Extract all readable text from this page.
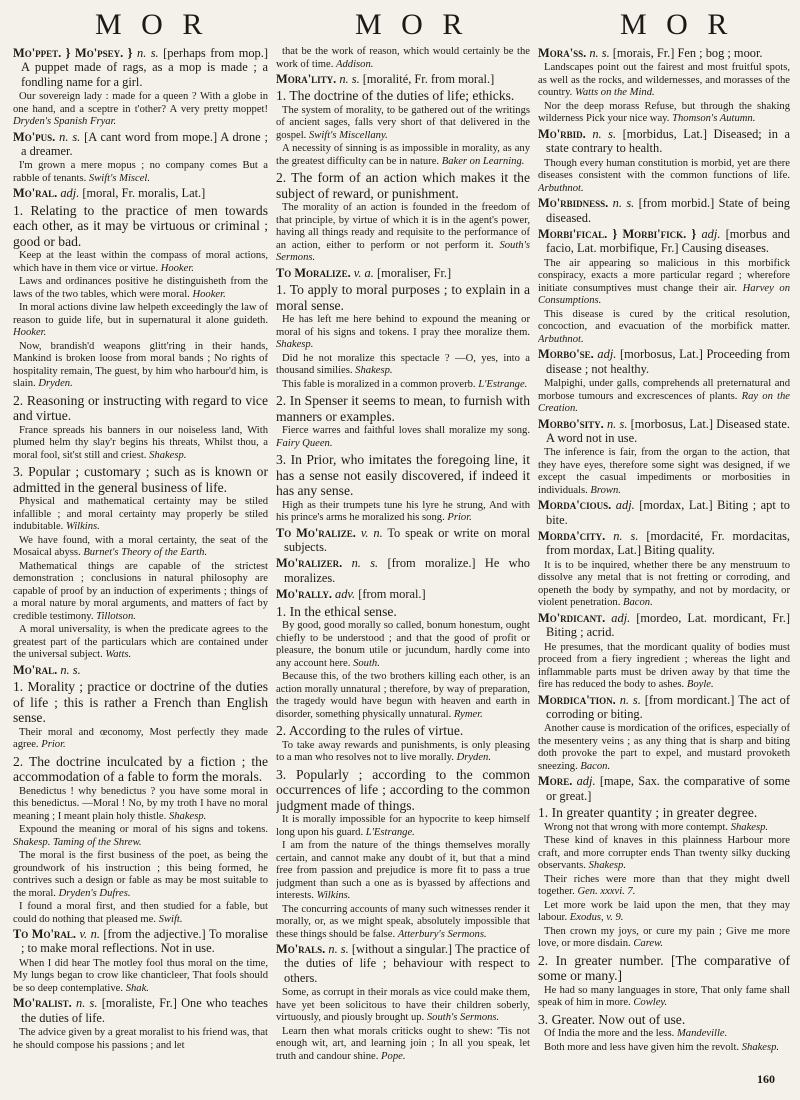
M O R	M O R	M O R

Mo'ppet. } Mo'psey. } n. s. [perhaps from mop.] A puppet made of rags, as a mop is made ; a fondling name for a girl.

Our sovereign lady : made for a queen ? With a globe in one hand, and a sceptre in t'other? A very pretty moppet! Dryden's Spanish Fryar.

Mo'pus. n. s. [A cant word from mope.] A drone ; a dreamer.

I'm grown a mere mopus ; no company comes But a rabble of tenants. Swift's Miscel.

Mo'ral. adj. [moral, Fr. moralis, Lat.]

1. Relating to the practice of men towards each other, as it may be virtuous or criminal ; good or bad.

Keep at the least within the compass of moral actions, which have in them vice or virtue. Hooker.

Laws and ordinances positive he distinguisheth from the laws of the two tables, which were moral. Hooker.

In moral actions divine law helpeth exceedingly the law of reason to guide life, but in supernatural it alone guideth. Hooker.

Now, brandish'd weapons glitt'ring in their hands, Mankind is broken loose from moral bands ; No rights of hospitality remain, The guest, by him who harbour'd him, is slain. Dryden.

2. Reasoning or instructing with regard to vice and virtue.

France spreads his banners in our noiseless land, With plumed helm thy slay'r begins his threats, Whilst thou, a moral fool, sit'st still and criest. Shakesp.

3. Popular ; customary ; such as is known or admitted in the general business of life.

Physical and mathematical certainty may be stiled infallible ; and moral certainty may properly be stiled indubitable. Wilkins.

We have found, with a moral certainty, the seat of the Mosaical abyss. Burnet's Theory of the Earth.

Mathematical things are capable of the strictest demonstration ; conclusions in natural philosophy are capable of proof by an induction of experiments ; things of a moral nature by moral arguments, and matters of fact by credible testimony. Tillotson.

A moral universality, is when the predicate agrees to the greatest part of the particulars which are contained under the universal subject. Watts.

Mo'ral. n. s.

1. Morality ; practice or doctrine of the duties of life ; this is rather a French than English sense.

Their moral and œconomy, Most perfectly they made agree. Prior.

2. The doctrine inculcated by a fiction ; the accommodation of a fable to form the morals.

Benedictus ! why benedictus ? you have some moral in this benedictus. —Moral ! No, by my troth I have no moral meaning ; I meant plain holy thistle. Shakesp.

Expound the meaning or moral of his signs and tokens. Shakesp. Taming of the Shrew.

The moral is the first business of the poet, as being the groundwork of his instruction ; this being formed, he contrives such a design or fable as may be most suitable to the moral. Dryden's Dufres.

I found a moral first, and then studied for a fable, but could do nothing that pleased me. Swift.

To Mo'ral. v. n. [from the adjective.] To moralise ; to make moral reflections. Not in use.

When I did hear The motley fool thus moral on the time, My lungs began to crow like chanticleer, That fools should be so deep contemplative. Shak.

Mo'ralist. n. s. [moraliste, Fr.] One who teaches the duties of life.

The advice given by a great moralist to his friend was, that he should compose his passions ; and let

that be the work of reason, which would certainly be the work of time. Addison.

Mora'lity. n. s. [moralité, Fr. from moral.]

1. The doctrine of the duties of life; ethicks.

The system of morality, to be gathered out of the writings of ancient sages, falls very short of that delivered in the gospel. Swift's Miscellany.

A necessity of sinning is as impossible in morality, as any the greatest difficulty can be in nature. Baker on Learning.

2. The form of an action which makes it the subject of reward, or punishment.

The morality of an action is founded in the freedom of that principle, by virtue of which it is in the agent's power, having all things ready and requisite to the performance of an action, either to perform or not perform it. South's Sermons.

To Moralize. v. a. [moraliser, Fr.]

1. To apply to moral purposes ; to explain in a moral sense.

He has left me here behind to expound the meaning or moral of his signs and tokens. I pray thee moralize them. Shakesp.

Did he not moralize this spectacle ? —O, yes, into a thousand similies. Shakesp.

This fable is moralized in a common proverb. L'Estrange.

2. In Spenser it seems to mean, to furnish with manners or examples.

Fierce warres and faithful loves shall moralize my song. Fairy Queen.

3. In Prior, who imitates the foregoing line, it has a sense not easily discovered, if indeed it has any sense.

High as their trumpets tune his lyre he strung, And with his prince's arms he moralized his song. Prior.

To Mo'ralize. v. n. To speak or write on moral subjects.

Mo'ralizer. n. s. [from moralize.] He who moralizes.

Mo'rally. adv. [from moral.]

1. In the ethical sense.

By good, good morally so called, bonum honestum, ought chiefly to be understood ; and that the good of profit or pleasure, the bonum utile or jucundum, hardly come into any account here. South.

Because this, of the two brothers killing each other, is an action morally unnatural ; therefore, by way of preparation, the tragedy would have begun with heaven and earth in disorder, something physically unnatural. Rymer.

2. According to the rules of virtue.

To take away rewards and punishments, is only pleasing to a man who resolves not to live morally. Dryden.

3. Popularly ; according to the common occurrences of life ; according to the common judgment made of things.

It is morally impossible for an hypocrite to keep himself long upon his guard. L'Estrange.

I am from the nature of the things themselves morally certain, and cannot make any doubt of it, but that a mind free from passion and prejudice is more fit to pass a true judgment than such a one as is byassed by affections and interests. Wilkins.

The concurring accounts of many such witnesses render it morally, or, as we might speak, absolutely impossible that these things should be false. Atterbury's Sermons.

Mo'rals. n. s. [without a singular.] The practice of the duties of life ; behaviour with respect to others.

Some, as corrupt in their morals as vice could make them, have yet been solicitous to have their children soberly, virtuously, and piously brought up. South's Sermons.

Learn then what morals criticks ought to shew: 'Tis not enough wit, art, and learning join ; In all you speak, let truth and candour shine. Pope.

Mora'ss. n. s. [morais, Fr.] Fen ; bog ; moor.

Landscapes point out the fairest and most fruitful spots, as well as the rocks, and wildernesses, and morasses of the country. Watts on the Mind.

Nor the deep morass Refuse, but through the shaking wilderness Pick your nice way. Thomson's Autumn.

Mo'rbid. n. s. [morbidus, Lat.] Diseased; in a state contrary to health.

Though every human constitution is morbid, yet are there diseases consistent with the common functions of life. Arbuthnot.

Mo'rbidness. n. s. [from morbid.] State of being diseased.

Morbi'fical. } Morbi'fick. } adj. [morbus and facio, Lat. morbifique, Fr.] Causing diseases.

The air appearing so malicious in this morbifick conspiracy, exacts a more particular regard ; wherefore initiate consumptives must change their air. Harvey on Consumptions.

This disease is cured by the critical resolution, concoction, and evacuation of the morbifick matter. Arbuthnot.

Morbo'se. adj. [morbosus, Lat.] Proceeding from disease ; not healthy.

Malpighi, under galls, comprehends all preternatural and morbose tumours and excrescences of plants. Ray on the Creation.

Morbo'sity. n. s. [morbosus, Lat.] Diseased state. A word not in use.

The inference is fair, from the organ to the action, that they have eyes, therefore some sight was designed, if we except the casual impediments or morbosities in individuals. Brown.

Morda'cious. adj. [mordax, Lat.] Biting ; apt to bite.

Morda'city. n. s. [mordacité, Fr. mordacitas, from mordax, Lat.] Biting quality.

It is to be inquired, whether there be any menstruum to dissolve any metal that is not fretting or corroding, and openeth the body by sympathy, and not by mordacity, or violent penetration. Bacon.

Mo'rdicant. adj. [mordeo, Lat. mordicant, Fr.] Biting ; acrid.

He presumes, that the mordicant quality of bodies must proceed from a fiery ingredient ; whereas the light and inflammable parts must be driven away by that time the fire has reduced the body to ashes. Boyle.

Mordica'tion. n. s. [from mordicant.] The act of corroding or biting.

Another cause is mordication of the orifices, especially of the mesentery veins ; as any thing that is sharp and biting doth provoke the part to expel, and mustard provoketh sneezing. Bacon.

More. adj. [mape, Sax. the comparative of some or great.]

1. In greater quantity ; in greater degree.

Wrong not that wrong with more contempt. Shakesp.

These kind of knaves in this plainness Harbour more craft, and more corrupter ends Than twenty silky ducking observants. Shakesp.

Their riches were more than that they might dwell together. Gen. xxxvi. 7.

Let more work be laid upon the men, that they may labour. Exodus, v. 9.

Then crown my joys, or cure my pain ; Give me more love, or more disdain. Carew.

2. In greater number. [The comparative of some or many.]

He had so many languages in store, That only fame shall speak of him in more. Cowley.

3. Greater. Now out of use.

Of India the more and the less. Mandeville.

Both more and less have given him the revolt. Shakesp.

160
